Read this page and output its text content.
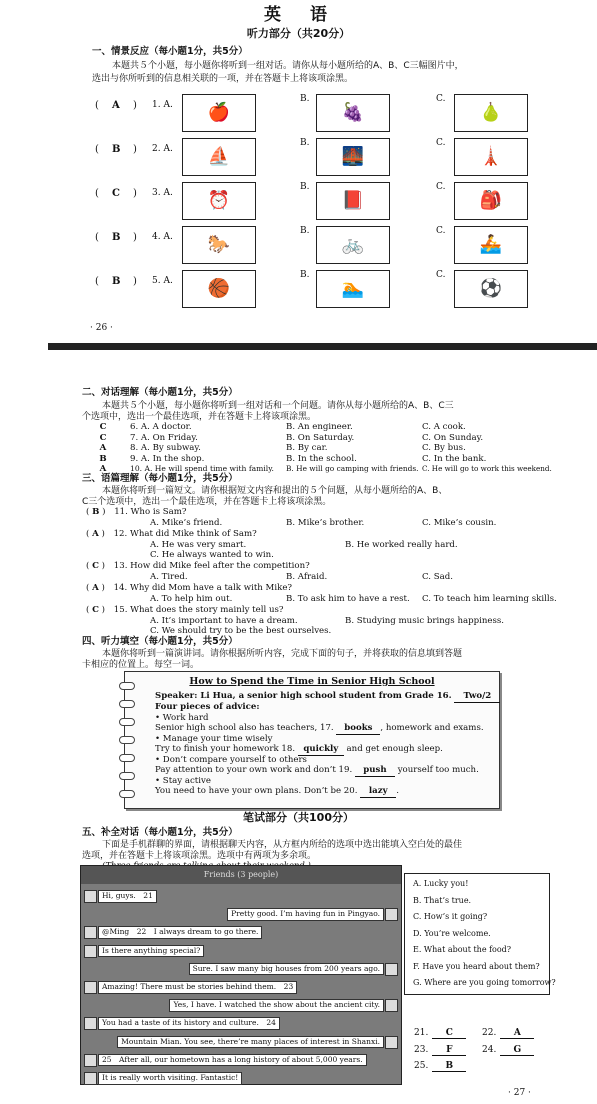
英　语
听力部分（共20分）
一、情景反应（每小题1分，共5分）
本题共５个小题，每小题你将听到一组对话。请你从每小题所给的A、B、C三幅图片中，
选出与你所听到的信息相关联的一项，并在答题卡上将该项涂黑。
( A ) 1. A.
B.	C.
🍎	🍇	🍐
( B ) 2. A.
B.	C.
⛵	🌉	🗼
( C ) 3. A.
B.	C.
⏰	📕	🎒
( B ) 4. A.
B.	C.
🐎	🚲	🚣
( B ) 5. A.
B.	C.
🏀	🏊	⚽
· 26 ·
二、对话理解（每小题1分，共5分）
本题共５个小题，每小题你将听到一组对话和一个问题。请你从每小题所给的A、B、C三
个选项中，选出一个最佳选项，并在答题卡上将该项涂黑。
C	6. A. A doctor.	B. An engineer.	C. A cook.
C	7. A. On Friday.	B. On Saturday.	C. On Sunday.
A	8. A. By subway.	B. By car.	C. By bus.
B	9. A. In the shop.	B. In the school.	C. In the bank.
A	10. A. He will spend time with family. B. He will go camping with friends. C. He will go to work this weekend.
三、语篇理解（每小题1分，共5分）
本题你将听到一篇短文。请你根据短文内容和提出的５个问题，从每小题所给的A、B、
C三个选项中，选出一个最佳选项，并在答题卡上将该项涂黑。
( B ) 11. Who is Sam?
A. Mike’s friend.	B. Mike’s brother.	C. Mike’s cousin.
( A ) 12. What did Mike think of Sam?
A. He was very smart.	B. He worked really hard.
C. He always wanted to win.
( C ) 13. How did Mike feel after the competition?
A. Tired.	B. Afraid.	C. Sad.
( A ) 14. Why did Mom have a talk with Mike?
A. To help him out.	B. To ask him to have a rest. C. To teach him learning skills.
( C ) 15. What does the story mainly tell us?
A. It’s important to have a dream.	B. Studying music brings happiness.
C. We should try to be the best ourselves.
四、听力填空（每小题1分，共5分）
本题你将听到一篇演讲词。请你根据所听内容，完成下面的句子，并将获取的信息填到答题
卡相应的位置上。每空一词。
How to Spend the Time in Senior High School
Speaker: Li Hua, a senior high school student from Grade 16. Two/2
Four pieces of advice:
• Work hard
Senior high school also has teachers, 17. books , homework and exams.
• Manage your time wisely
Try to finish your homework 18. quickly and get enough sleep.
• Don’t compare yourself to others
Pay attention to your own work and don’t 19. push yourself too much.
• Stay active
You need to have your own plans. Don’t be 20. lazy .
笔试部分（共100分）
五、补全对话（每小题1分，共5分）
下面是手机群聊的界面，请根据聊天内容，从方框内所给的选项中选出能填入空白处的最佳
选项，并在答题卡上将该项涂黑。选项中有两项为多余项。
Friends (3 people)
Hi, guys.　21
Pretty good. I’m having fun in Pingyao.
@Ming　22　I always dream to go there.
Is there anything special?
Sure. I saw many big houses from 200 years ago.
Amazing! There must be stories behind them.　23
Yes, I have. I watched the show about the ancient city.
You had a taste of its history and culture.　24
Mountain Mian. You see, there’re many places of interest in Shanxi.
25　After all, our hometown has a long history of about 5,000 years.
It is really worth visiting. Fantastic!
A. Lucky you!
B. That’s true.
C. How’s it going?
D. You’re welcome.
E. What about the food?
F. Have you heard about them?
G. Where are you going tomorrow?
21. C	22. A
23. F	24. G
25. B
· 27 ·
